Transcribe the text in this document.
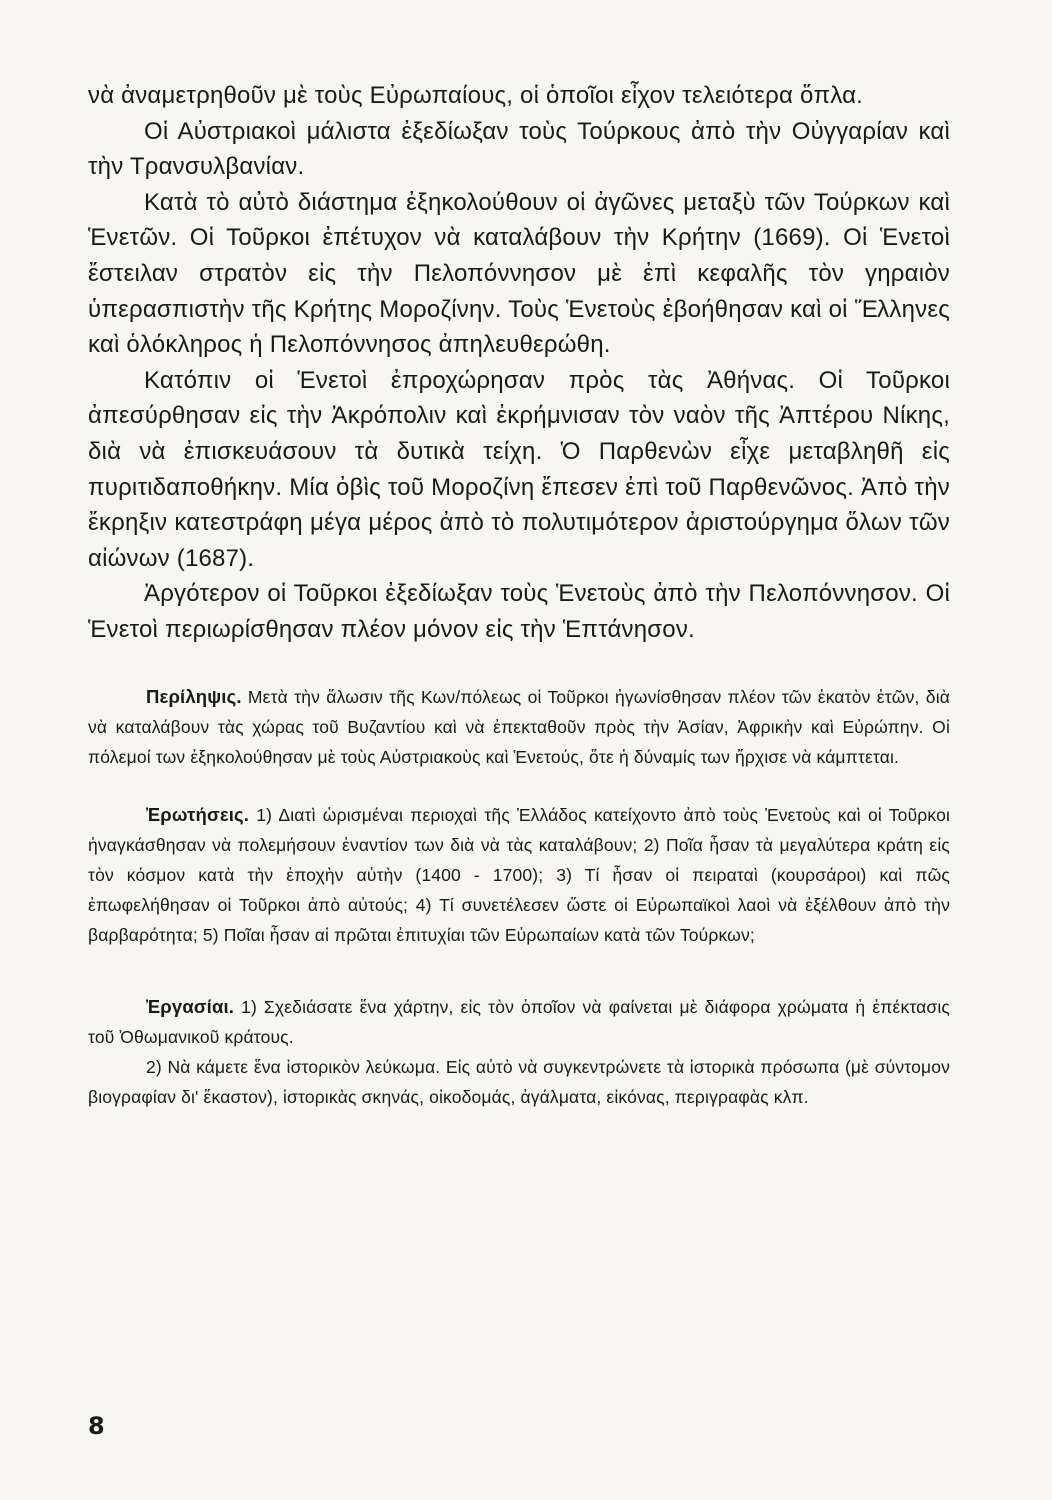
νὰ ἀναμετρηθοῦν μὲ τοὺς Εὐρωπαίους, οἱ ὁποῖοι εἶχον τελειότερα ὅπλα.

Οἱ Αὐστριακοὶ μάλιστα ἐξεδίωξαν τοὺς Τούρκους ἀπὸ τὴν Οὐγγαρίαν καὶ τὴν Τρανσυλβανίαν.

Κατὰ τὸ αὐτὸ διάστημα ἐξηκολούθουν οἱ ἀγῶνες μεταξὺ τῶν Τούρκων καὶ Ἑνετῶν. Οἱ Τοῦρκοι ἐπέτυχον νὰ καταλάβουν τὴν Κρήτην (1669). Οἱ Ἑνετοὶ ἔστειλαν στρατὸν εἰς τὴν Πελοπόννησον μὲ ἐπὶ κεφαλῆς τὸν γηραιὸν ὑπερασπιστὴν τῆς Κρήτης Μοροζίνην. Τοὺς Ἑνετοὺς ἐβοήθησαν καὶ οἱ Ἕλληνες καὶ ὁλόκληρος ἡ Πελοπόννησος ἀπηλευθερώθη.

Κατόπιν οἱ Ἑνετοὶ ἐπροχώρησαν πρὸς τὰς Ἀθήνας. Οἱ Τοῦρκοι ἀπεσύρθησαν εἰς τὴν Ἀκρόπολιν καὶ ἐκρήμνισαν τὸν ναὸν τῆς Ἀπτέρου Νίκης, διὰ νὰ ἐπισκευάσουν τὰ δυτικὰ τείχη. Ὁ Παρθενὼν εἶχε μεταβληθῆ εἰς πυριτιδαποθήκην. Μία ὀβὶς τοῦ Μοροζίνη ἔπεσεν ἐπὶ τοῦ Παρθενῶνος. Ἀπὸ τὴν ἔκρηξιν κατεστράφη μέγα μέρος ἀπὸ τὸ πολυτιμότερον ἀριστούργημα ὅλων τῶν αἰώνων (1687).

Ἀργότερον οἱ Τοῦρκοι ἐξεδίωξαν τοὺς Ἑνετοὺς ἀπὸ τὴν Πελοπόννησον. Οἱ Ἑνετοὶ περιωρίσθησαν πλέον μόνον εἰς τὴν Ἑπτάνησον.

Περίληψις. Μετὰ τὴν ἅλωσιν τῆς Κων/πόλεως οἱ Τοῦρκοι ἠγωνίσθησαν πλέον τῶν ἑκατὸν ἐτῶν, διὰ νὰ καταλάβουν τὰς χώρας τοῦ Βυζαντίου καὶ νὰ ἐπεκταθοῦν πρὸς τὴν Ἀσίαν, Ἀφρικὴν καὶ Εὐρώπην. Οἱ πόλεμοί των ἐξηκολούθησαν μὲ τοὺς Αὐστριακοὺς καὶ Ἑνετούς, ὅτε ἡ δύναμίς των ἤρχισε νὰ κάμπτεται.

Ἐρωτήσεις. 1) Διατὶ ὡρισμέναι περιοχαὶ τῆς Ἑλλάδος κατείχοντο ἀπὸ τοὺς Ἑνετοὺς καὶ οἱ Τοῦρκοι ἠναγκάσθησαν νὰ πολεμήσουν ἐναντίον των διὰ νὰ τὰς καταλάβουν; 2) Ποῖα ἦσαν τὰ μεγαλύτερα κράτη εἰς τὸν κόσμον κατὰ τὴν ἐποχὴν αὐτὴν (1400 - 1700); 3) Τί ἦσαν οἱ πειραταὶ (κουρσάροι) καὶ πῶς ἐπωφελήθησαν οἱ Τοῦρκοι ἀπὸ αὐτούς; 4) Τί συνετέλεσεν ὥστε οἱ Εὐρωπαϊκοὶ λαοὶ νὰ ἐξέλθουν ἀπὸ τὴν βαρβαρότητα; 5) Ποῖαι ἦσαν αἱ πρῶται ἐπιτυχίαι τῶν Εὐρωπαίων κατὰ τῶν Τούρκων;

Ἐργασίαι. 1) Σχεδιάσατε ἕνα χάρτην, εἰς τὸν ὁποῖον νὰ φαίνεται μὲ διάφορα χρώματα ἡ ἐπέκτασις τοῦ Ὀθωμανικοῦ κράτους.

2) Νὰ κάμετε ἕνα ἱστορικὸν λεύκωμα. Εἰς αὐτὸ νὰ συγκεντρώνετε τὰ ἱστορικὰ πρόσωπα (μὲ σύντομον βιογραφίαν δι' ἕκαστον), ἱστορικὰς σκηνάς, οἰκοδομάς, ἀγάλματα, εἰκόνας, περιγραφὰς κλπ.

8
